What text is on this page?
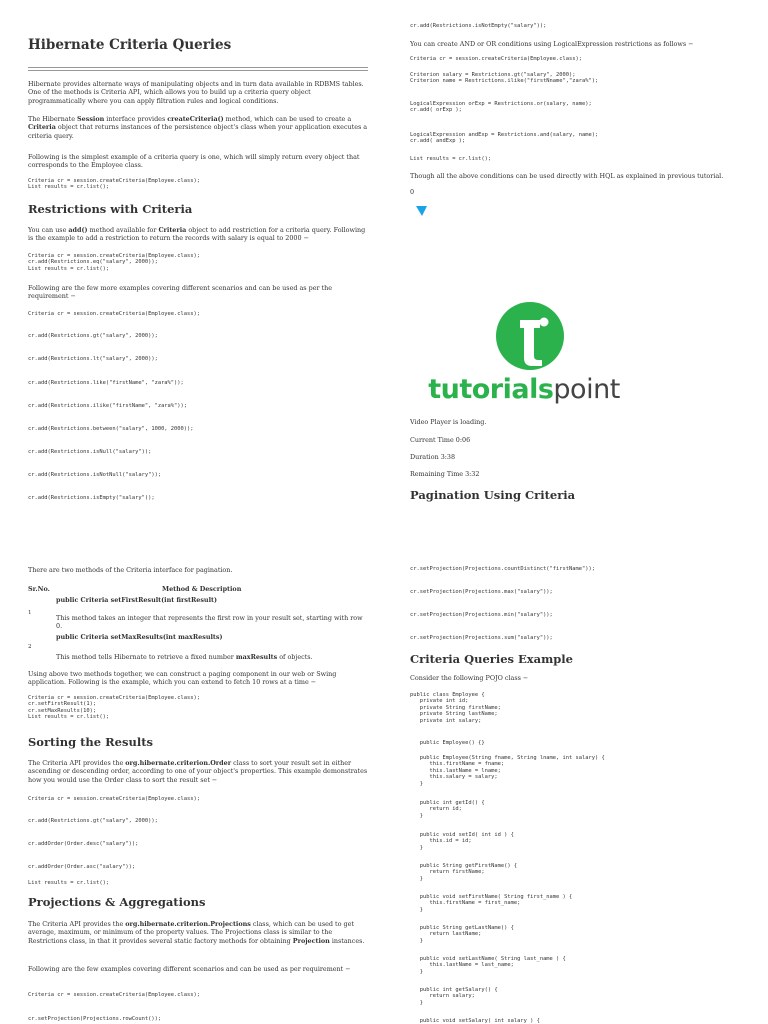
Hibernate Criteria Queries

Hibernate provides alternate ways of manipulating objects and in turn data available in RDBMS tables. One of the methods is Criteria API, which allows you to build up a criteria query object programmatically where you can apply filtration rules and logical conditions.

The Hibernate Session interface provides createCriteria() method, which can be used to create a Criteria object that returns instances of the persistence object's class when your application executes a criteria query.

Following is the simplest example of a criteria query is one, which will simply return every object that corresponds to the Employee class.

Criteria cr = session.createCriteria(Employee.class);
List results = cr.list();
Restrictions with Criteria

You can use add() method available for Criteria object to add restriction for a criteria query. Following is the example to add a restriction to return the records with salary is equal to 2000 −

Criteria cr = session.createCriteria(Employee.class);
cr.add(Restrictions.eq("salary", 2000));
List results = cr.list();

Following are the few more examples covering different scenarios and can be used as per the requirement −

Criteria cr = session.createCriteria(Employee.class);
cr.add(Restrictions.gt("salary", 2000));
cr.add(Restrictions.lt("salary", 2000));
cr.add(Restrictions.like("firstName", "zara%"));
cr.add(Restrictions.ilike("firstName", "zara%"));
cr.add(Restrictions.between("salary", 1000, 2000));
cr.add(Restrictions.isNull("salary"));
cr.add(Restrictions.isNotNull("salary"));
cr.add(Restrictions.isEmpty("salary"));
cr.add(Restrictions.isNotEmpty("salary"));

You can create AND or OR conditions using LogicalExpression restrictions as follows −

Criteria cr = session.createCriteria(Employee.class);
Criterion salary = Restrictions.gt("salary", 2000);
Criterion name = Restrictions.ilike("firstNname","zara%");
LogicalExpression orExp = Restrictions.or(salary, name);
cr.add( orExp );
LogicalExpression andExp = Restrictions.and(salary, name);
cr.add( andExp );
List results = cr.list();

Though all the above conditions can be used directly with HQL as explained in previous tutorial.

0

tutorialspoint

Video Player is loading.

Current Time 0:06

Duration 3:38

Remaining Time 3:32

Pagination Using Criteria

There are two methods of the Criteria interface for pagination.

Sr.No.	Method & Description
public Criteria setFirstResult(int firstResult)
1

This method takes an integer that represents the first row in your result set, starting with row 0.

public Criteria setMaxResults(int maxResults)
2

This method tells Hibernate to retrieve a fixed number maxResults of objects.

Using above two methods together, we can construct a paging component in our web or Swing application. Following is the example, which you can extend to fetch 10 rows at a time −

Criteria cr = session.createCriteria(Employee.class);
cr.setFirstResult(1);
cr.setMaxResults(10);
List results = cr.list();
Sorting the Results

The Criteria API provides the org.hibernate.criterion.Order class to sort your result set in either ascending or descending order, according to one of your object's properties. This example demonstrates how you would use the Order class to sort the result set −

Criteria cr = session.createCriteria(Employee.class);
cr.add(Restrictions.gt("salary", 2000));
cr.addOrder(Order.desc("salary"));
cr.addOrder(Order.asc("salary"));
List results = cr.list();
Projections & Aggregations

The Criteria API provides the org.hibernate.criterion.Projections class, which can be used to get average, maximum, or minimum of the property values. The Projections class is similar to the Restrictions class, in that it provides several static factory methods for obtaining Projection instances.

Following are the few examples covering different scenarios and can be used as per requirement −

Criteria cr = session.createCriteria(Employee.class);
cr.setProjection(Projections.rowCount());
cr.setProjection(Projections.countDistinct("firstName"));
cr.setProjection(Projections.max("salary"));
cr.setProjection(Projections.min("salary"));
cr.setProjection(Projections.sum("salary"));
Criteria Queries Example

Consider the following POJO class −

public class Employee {
private int id;
private String firstName;
private String lastName;
private int salary;
public Employee() {}
public Employee(String fname, String lname, int salary) {
this.firstName = fname;
this.lastName = lname;
this.salary = salary;
}
public int getId() {
return id;
}
public void setId( int id ) {
this.id = id;
}
public String getFirstName() {
return firstName;
}
public void setFirstName( String first_name ) {
this.firstName = first_name;
}
public String getLastName() {
return lastName;
}
public void setLastName( String last_name ) {
this.lastName = last_name;
}
public int getSalary() {
return salary;
}
public void setSalary( int salary ) {
